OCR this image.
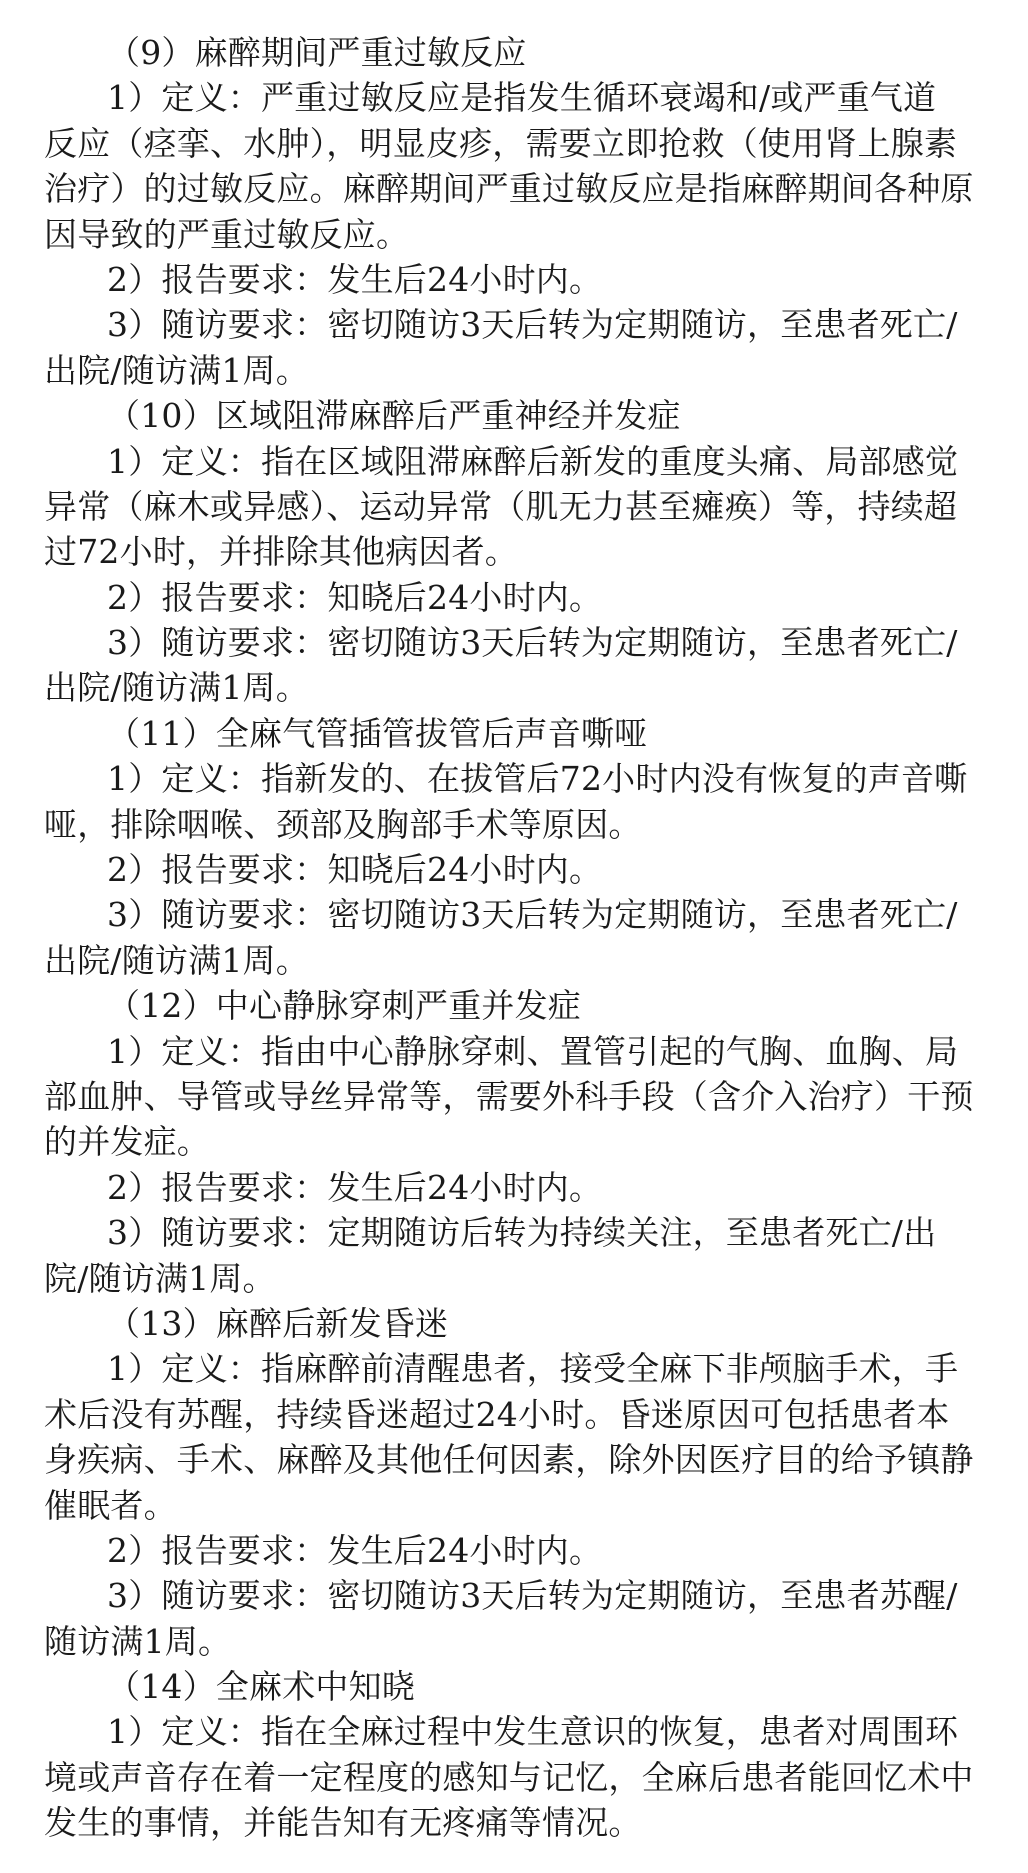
（9）麻醉期间严重过敏反应
1）定义：严重过敏反应是指发生循环衰竭和/或严重气道
反应（痉挛、水肿），明显皮疹，需要立即抢救（使用肾上腺素
治疗）的过敏反应。麻醉期间严重过敏反应是指麻醉期间各种原
因导致的严重过敏反应。
2）报告要求：发生后24小时内。
3）随访要求：密切随访3天后转为定期随访，至患者死亡/
出院/随访满1周。
（10）区域阻滞麻醉后严重神经并发症
1）定义：指在区域阻滞麻醉后新发的重度头痛、局部感觉
异常（麻木或异感）、运动异常（肌无力甚至瘫痪）等，持续超
过72小时，并排除其他病因者。
2）报告要求：知晓后24小时内。
3）随访要求：密切随访3天后转为定期随访，至患者死亡/
出院/随访满1周。
（11）全麻气管插管拔管后声音嘶哑
1）定义：指新发的、在拔管后72小时内没有恢复的声音嘶
哑，排除咽喉、颈部及胸部手术等原因。
2）报告要求：知晓后24小时内。
3）随访要求：密切随访3天后转为定期随访，至患者死亡/
出院/随访满1周。
（12）中心静脉穿刺严重并发症
1）定义：指由中心静脉穿刺、置管引起的气胸、血胸、局
部血肿、导管或导丝异常等，需要外科手段（含介入治疗）干预
的并发症。
2）报告要求：发生后24小时内。
3）随访要求：定期随访后转为持续关注，至患者死亡/出
院/随访满1周。
（13）麻醉后新发昏迷
1）定义：指麻醉前清醒患者，接受全麻下非颅脑手术，手
术后没有苏醒，持续昏迷超过24小时。昏迷原因可包括患者本
身疾病、手术、麻醉及其他任何因素，除外因医疗目的给予镇静
催眠者。
2）报告要求：发生后24小时内。
3）随访要求：密切随访3天后转为定期随访，至患者苏醒/
随访满1周。
（14）全麻术中知晓
1）定义：指在全麻过程中发生意识的恢复，患者对周围环
境或声音存在着一定程度的感知与记忆，全麻后患者能回忆术中
发生的事情，并能告知有无疼痛等情况。
